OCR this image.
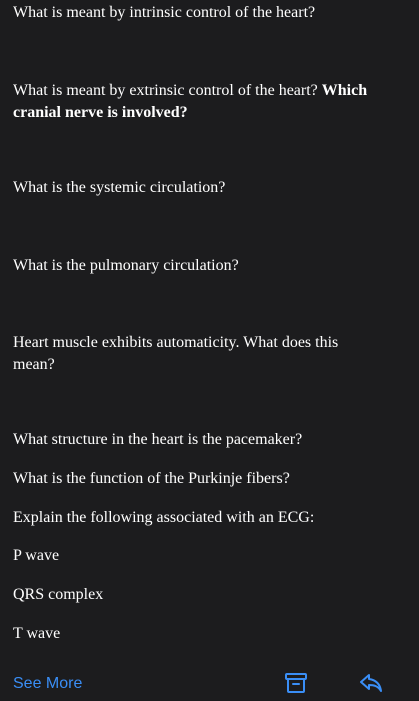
What is meant by intrinsic control of the heart?

What is meant by extrinsic control of the heart? Which cranial nerve is involved?

What is the systemic circulation?

What is the pulmonary circulation?

Heart muscle exhibits automaticity. What does this mean?

What structure in the heart is the pacemaker?

What is the function of the Purkinje fibers?

Explain the following associated with an ECG:

P wave

QRS complex

T wave

See More
